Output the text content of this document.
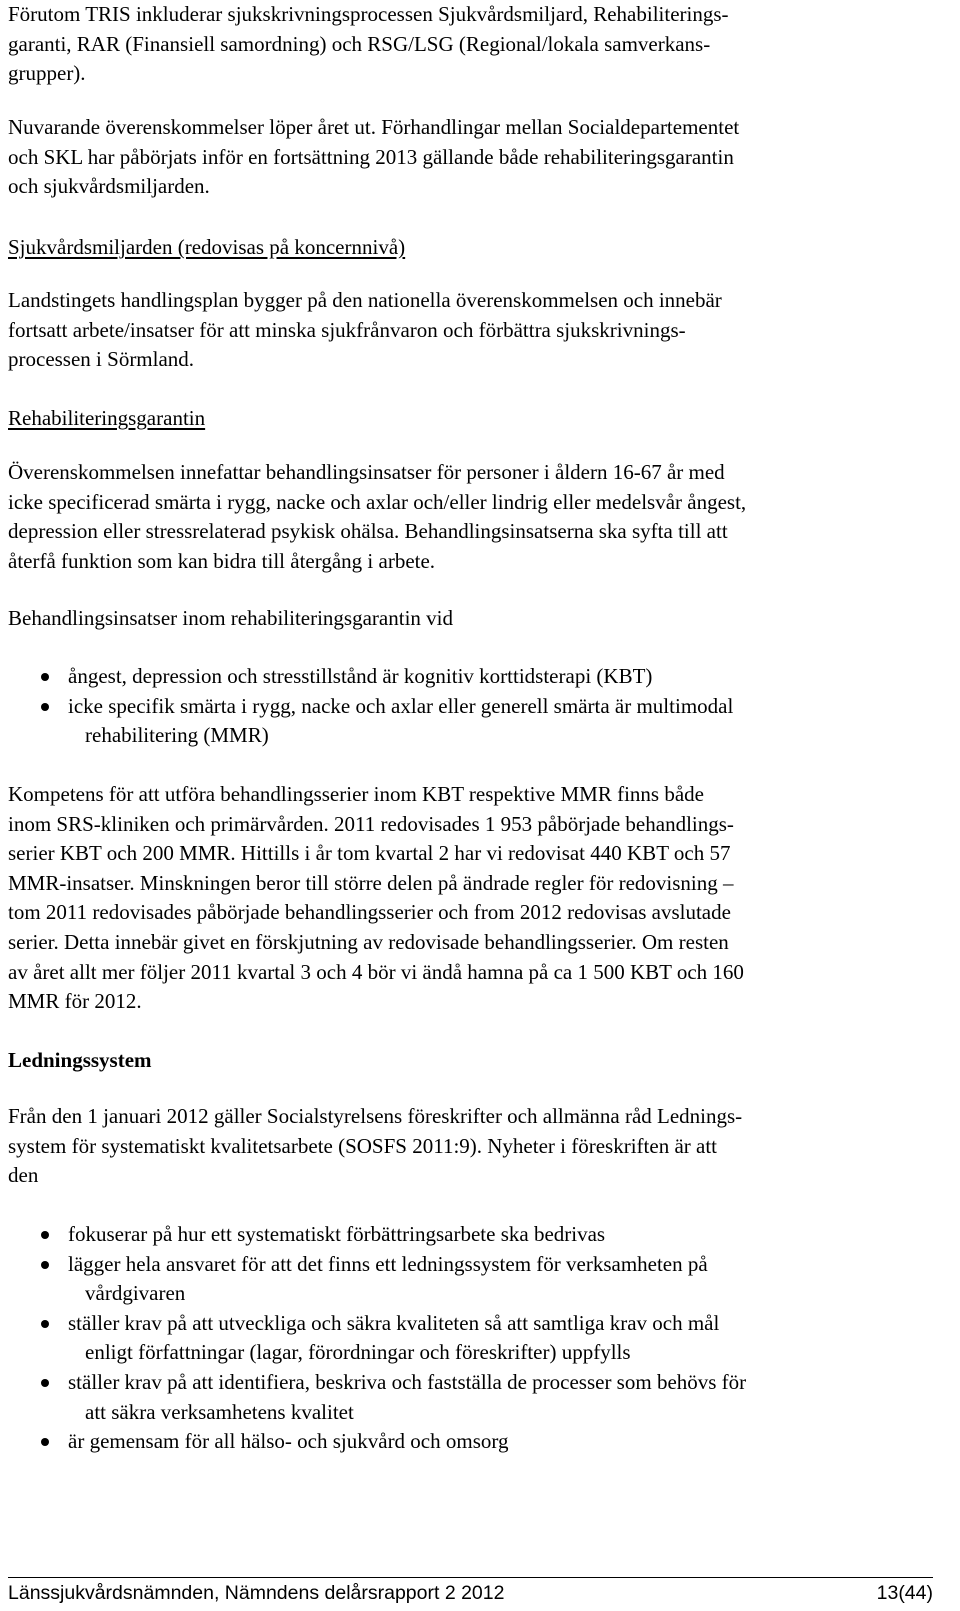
Förutom TRIS inkluderar sjukskrivningsprocessen Sjukvårdsmiljard, Rehabiliterings-
garanti, RAR (Finansiell samordning) och RSG/LSG (Regional/lokala samverkans-
grupper).

Nuvarande överenskommelser löper året ut. Förhandlingar mellan Socialdepartementet
och SKL har påbörjats inför en fortsättning 2013 gällande både rehabiliteringsgarantin
och sjukvårdsmiljarden.

Sjukvårdsmiljarden (redovisas på koncernnivå)

Landstingets handlingsplan bygger på den nationella överenskommelsen och innebär
fortsatt arbete/insatser för att minska sjukfrånvaron och förbättra sjukskrivnings-
processen i Sörmland.

Rehabiliteringsgarantin

Överenskommelsen innefattar behandlingsinsatser för personer i åldern 16-67 år med
icke specificerad smärta i rygg, nacke och axlar och/eller lindrig eller medelsvår ångest,
depression eller stressrelaterad psykisk ohälsa. Behandlingsinsatserna ska syfta till att
återfå funktion som kan bidra till återgång i arbete.

Behandlingsinsatser inom rehabiliteringsgarantin vid

ångest, depression och stresstillstånd är kognitiv korttidsterapi (KBT)
icke specifik smärta i rygg, nacke och axlar eller generell smärta är multimodal
rehabilitering (MMR)

Kompetens för att utföra behandlingsserier inom KBT respektive MMR finns både
inom SRS-kliniken och primärvården. 2011 redovisades 1 953 påbörjade behandlings-
serier KBT och 200 MMR. Hittills i år tom kvartal 2 har vi redovisat 440 KBT och 57
MMR-insatser. Minskningen beror till större delen på ändrade regler för redovisning –
tom 2011 redovisades påbörjade behandlingsserier och from 2012 redovisas avslutade
serier. Detta innebär givet en förskjutning av redovisade behandlingsserier. Om resten
av året allt mer följer 2011 kvartal 3 och 4 bör vi ändå hamna på ca 1 500 KBT och 160
MMR för 2012.

Ledningssystem

Från den 1 januari 2012 gäller Socialstyrelsens föreskrifter och allmänna råd Lednings-
system för systematiskt kvalitetsarbete (SOSFS 2011:9). Nyheter i föreskriften är att
den

fokuserar på hur ett systematiskt förbättringsarbete ska bedrivas
lägger hela ansvaret för att det finns ett ledningssystem för verksamheten på
vårdgivaren
ställer krav på att utveckliga och säkra kvaliteten så att samtliga krav och mål
enligt författningar (lagar, förordningar och föreskrifter) uppfylls
ställer krav på att identifiera, beskriva och fastställa de processer som behövs för
att säkra verksamhetens kvalitet
är gemensam för all hälso- och sjukvård och omsorg
Länssjukvårdsnämnden, Nämndens delårsrapport 2 2012	13(44)
